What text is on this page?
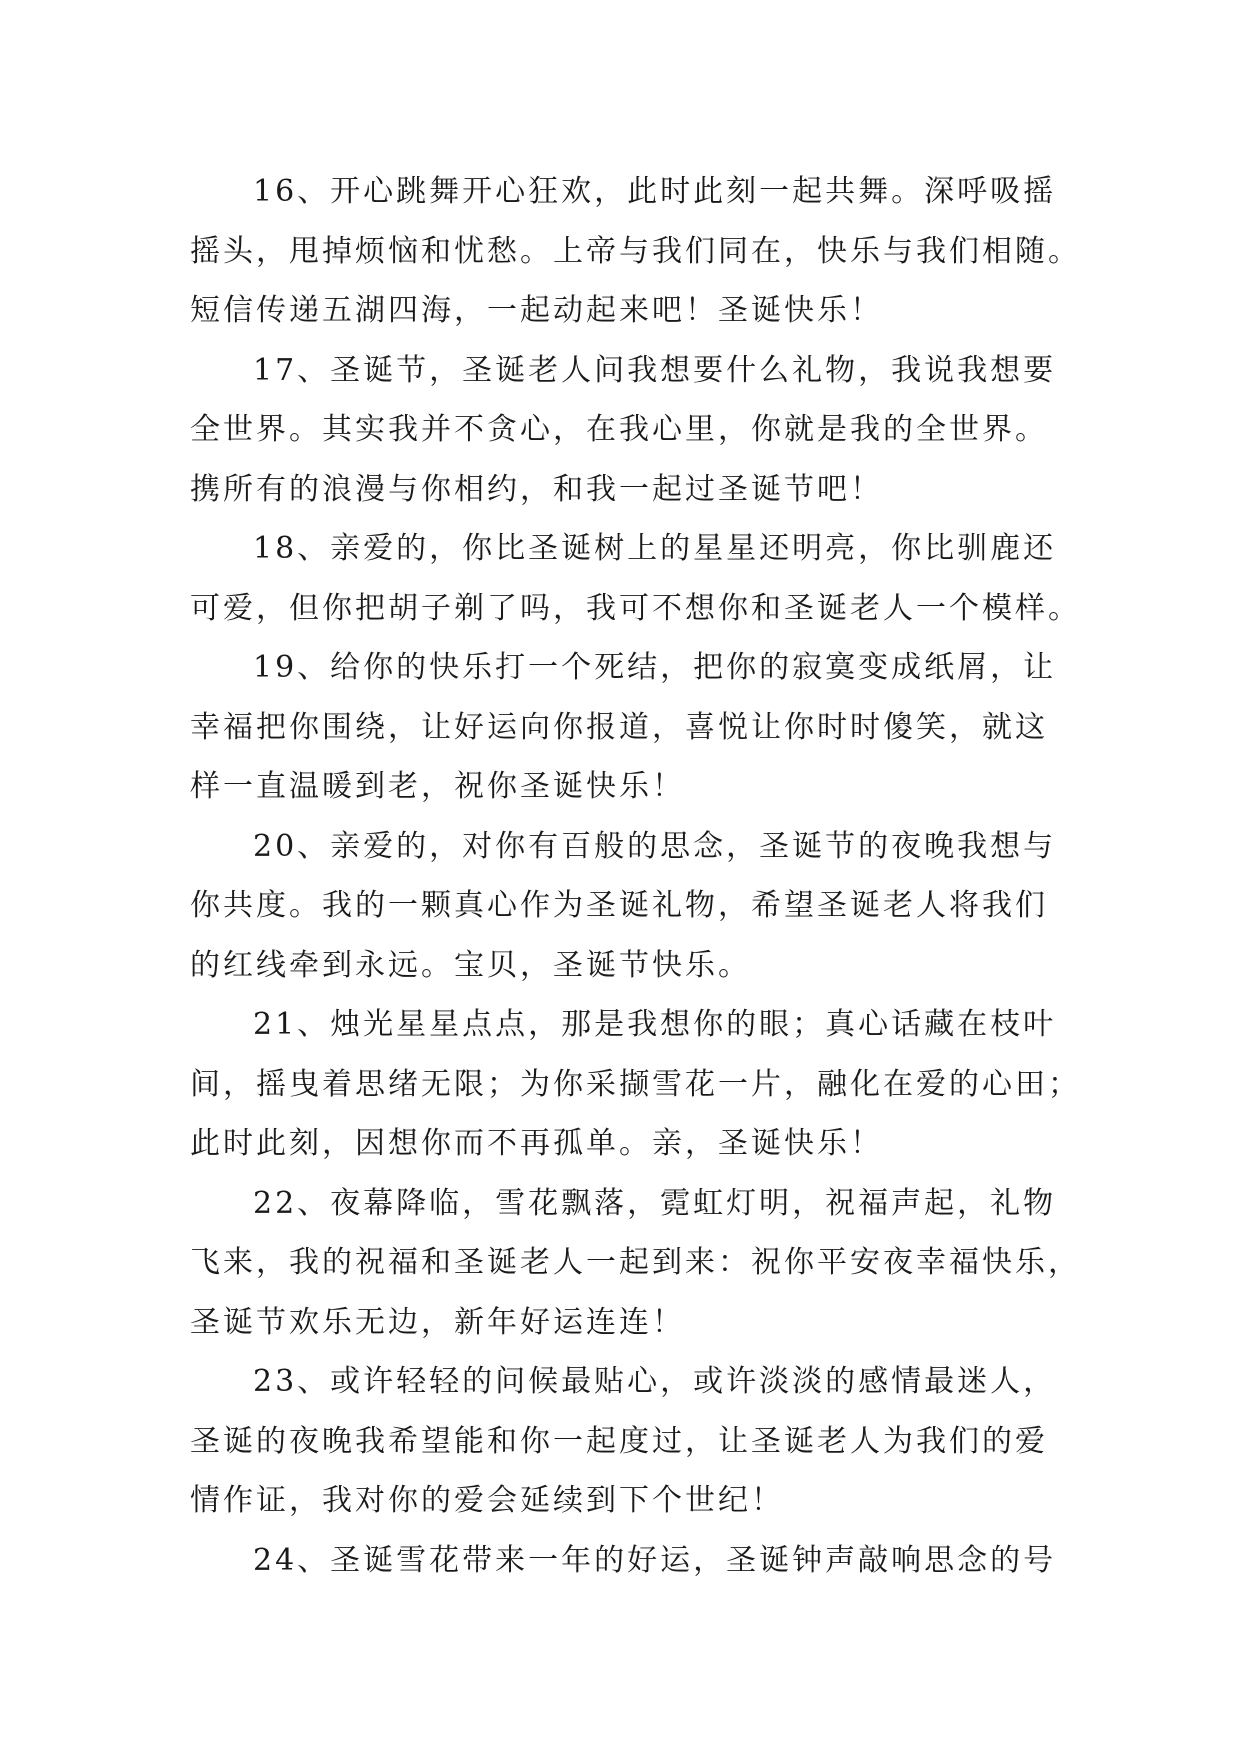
16、开心跳舞开心狂欢，此时此刻一起共舞。深呼吸摇
摇头，甩掉烦恼和忧愁。上帝与我们同在，快乐与我们相随。
短信传递五湖四海，一起动起来吧！圣诞快乐！
17、圣诞节，圣诞老人问我想要什么礼物，我说我想要
全世界。其实我并不贪心，在我心里，你就是我的全世界。
携所有的浪漫与你相约，和我一起过圣诞节吧！
18、亲爱的，你比圣诞树上的星星还明亮，你比驯鹿还
可爱，但你把胡子剃了吗，我可不想你和圣诞老人一个模样。
19、给你的快乐打一个死结，把你的寂寞变成纸屑，让
幸福把你围绕，让好运向你报道，喜悦让你时时傻笑，就这
样一直温暖到老，祝你圣诞快乐！
20、亲爱的，对你有百般的思念，圣诞节的夜晚我想与
你共度。我的一颗真心作为圣诞礼物，希望圣诞老人将我们
的红线牵到永远。宝贝，圣诞节快乐。
21、烛光星星点点，那是我想你的眼；真心话藏在枝叶
间，摇曳着思绪无限；为你采撷雪花一片，融化在爱的心田；
此时此刻，因想你而不再孤单。亲，圣诞快乐！
22、夜幕降临，雪花飘落，霓虹灯明，祝福声起，礼物
飞来，我的祝福和圣诞老人一起到来：祝你平安夜幸福快乐，
圣诞节欢乐无边，新年好运连连！
23、或许轻轻的问候最贴心，或许淡淡的感情最迷人，
圣诞的夜晚我希望能和你一起度过，让圣诞老人为我们的爱
情作证，我对你的爱会延续到下个世纪！
24、圣诞雪花带来一年的好运，圣诞钟声敲响思念的号
